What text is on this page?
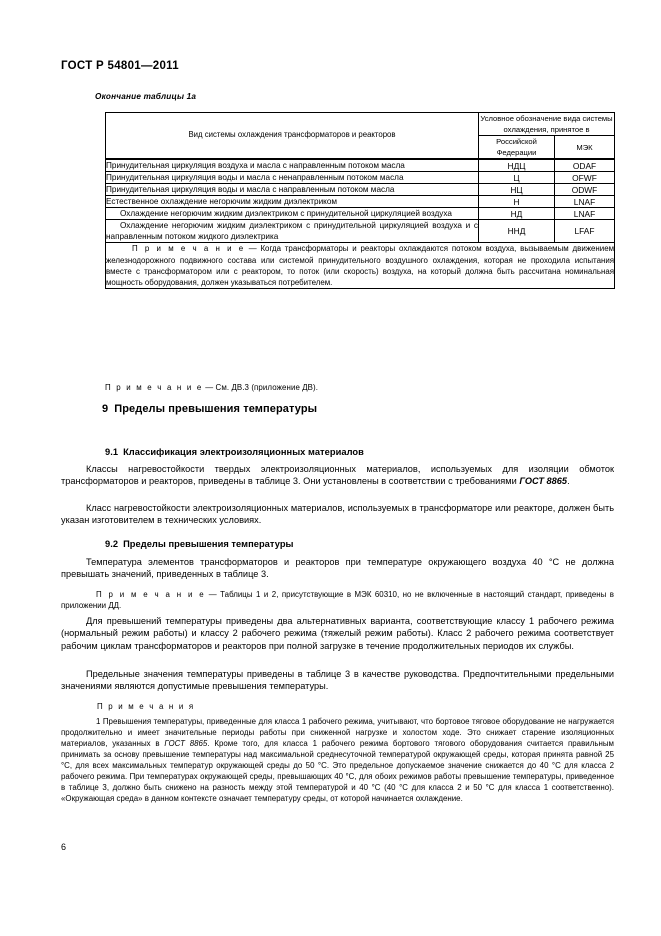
ГОСТ Р 54801—2011
Окончание таблицы 1а
Вид системы охлаждения трансформаторов и реакторов	Условное обозначение вида системы охлаждения, принятое в	
	Российской Федерации	МЭК
Принудительная циркуляция воздуха и масла с направленным потоком масла	НДЦ	ODAF
Принудительная циркуляция воды и масла с ненаправленным потоком масла	Ц	OFWF
Принудительная циркуляция воды и масла с направленным потоком масла	НЦ	ODWF
Естественное охлаждение негорючим жидким диэлектриком	Н	LNAF
Охлаждение негорючим жидким диэлектриком с принудительной циркуляцией воздуха	НД	LNAF
Охлаждение негорючим жидким диэлектриком с принудительной циркуляцией воздуха и с направленным потоком жидкого диэлектрика	ННД	LFAF
П р и м е ч а н и е — Когда трансформаторы и реакторы охлаждаются потоком воздуха, вызываемым движением железнодорожного подвижного состава или системой принудительного воздушного охлаждения, которая не проходила испытания вместе с трансформатором или с реактором, то поток (или скорость) воздуха, на который должна быть рассчитана номинальная мощность оборудования, должен указываться потребителем.		
П р и м е ч а н и е — См. ДВ.3 (приложение ДВ).
9 Пределы превышения температуры
9.1 Классификация электроизоляционных материалов
Классы нагревостойкости твердых электроизоляционных материалов, используемых для изоляции обмоток трансформаторов и реакторов, приведены в таблице 3. Они установлены в соответствии с требованиями ГОСТ 8865.
Класс нагревостойкости электроизоляционных материалов, используемых в трансформаторе или реакторе, должен быть указан изготовителем в технических условиях.
9.2 Пределы превышения температуры
Температура элементов трансформаторов и реакторов при температуре окружающего воздуха 40 °C не должна превышать значений, приведенных в таблице 3.
П р и м е ч а н и е — Таблицы 1 и 2, присутствующие в МЭК 60310, но не включенные в настоящий стандарт, приведены в приложении ДД.
Для превышений температуры приведены два альтернативных варианта, соответствующие классу 1 рабочего режима (нормальный режим работы) и классу 2 рабочего режима (тяжелый режим работы). Класс 2 рабочего режима соответствует рабочим циклам трансформаторов и реакторов при полной загрузке в течение продолжительных периодов их службы.
Предельные значения температуры приведены в таблице 3 в качестве руководства. Предпочтительными предельными значениями являются допустимые превышения температуры.
П р и м е ч а н и я
1 Превышения температуры, приведенные для класса 1 рабочего режима, учитывают, что бортовое тяговое оборудование не нагружается продолжительно и имеет значительные периоды работы при сниженной нагрузке и холостом ходе. Это снижает старение изоляционных материалов, указанных в ГОСТ 8865. Кроме того, для класса 1 рабочего режима бортового тягового оборудования считается правильным принимать за основу превышение температуры над максимальной среднесуточной температурой окружающей среды, которая принята равной 25 °C, для всех максимальных температур окружающей среды до 50 °C. Это предельное допускаемое значение снижается до 40 °C для класса 2 рабочего режима. При температурах окружающей среды, превышающих 40 °C, для обоих режимов работы превышение температуры, приведенное в таблице 3, должно быть снижено на разность между этой температурой и 40 °C (40 °C для класса 2 и 50 °C для класса 1 соответственно). «Окружающая среда» в данном контексте означает температуру среды, от которой начинается охлаждение.
6
